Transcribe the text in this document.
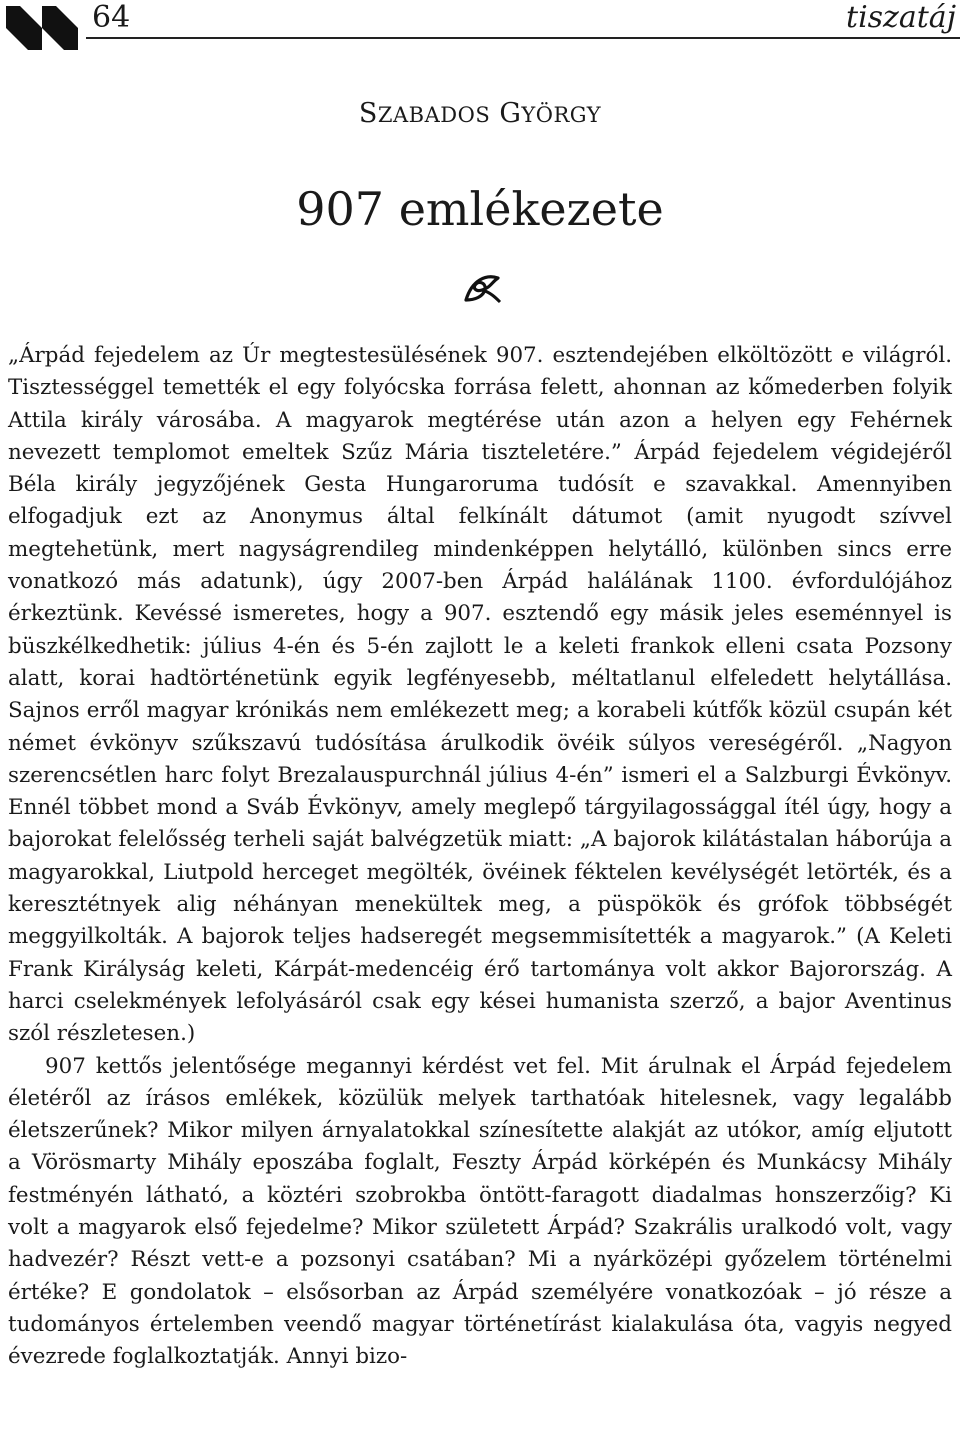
64	tiszatáj
SZABADOS GYÖRGY
907 emlékezete

„Árpád fejedelem az Úr megtestesülésének 907. esztendejében elköltözött e világról. Tisztességgel temették el egy folyócska forrása felett, ahonnan az kőmederben folyik Attila király városába. A magyarok megtérése után azon a helyen egy Fehérnek nevezett templomot emeltek Szűz Mária tiszteletére.” Árpád fejedelem végidejéről Béla király jegyzőjének Gesta Hungaroruma tudósít e szavakkal. Amennyiben elfogadjuk ezt az Anonymus által felkínált dátumot (amit nyugodt szívvel megtehetünk, mert nagyságrendileg mindenképpen helytálló, különben sincs erre vonatkozó más adatunk), úgy 2007-ben Árpád halálának 1100. évfordulójához érkeztünk. Kevéssé ismeretes, hogy a 907. esztendő egy másik jeles eseménnyel is büszkélkedhetik: július 4-én és 5-én zajlott le a keleti frankok elleni csata Pozsony alatt, korai hadtörténetünk egyik legfényesebb, méltatlanul elfeledett helytállása. Sajnos erről magyar krónikás nem emlékezett meg; a korabeli kútfők közül csupán két német évkönyv szűkszavú tudósítása árulkodik övéik súlyos vereségéről. „Nagyon szerencsétlen harc folyt Brezalauspurchnál július 4-én” ismeri el a Salzburgi Évkönyv. Ennél többet mond a Sváb Évkönyv, amely meglepő tárgyilagossággal ítél úgy, hogy a bajorokat felelősség terheli saját balvégzetük miatt: „A bajorok kilátástalan háborúja a magyarokkal, Liutpold herceget megölték, övéinek féktelen kevélységét letörték, és a keresztétnyek alig néhányan menekültek meg, a püspökök és grófok többségét meggyilkolták. A bajorok teljes hadseregét megsemmisítették a magyarok.” (A Keleti Frank Királyság keleti, Kárpát-medencéig érő tartománya volt akkor Bajorország. A harci cselekmények lefolyásáról csak egy kései humanista szerző, a bajor Aventinus szól részletesen.)

907 kettős jelentősége megannyi kérdést vet fel. Mit árulnak el Árpád fejedelem életéről az írásos emlékek, közülük melyek tarthatóak hitelesnek, vagy legalább életszerűnek? Mikor milyen árnyalatokkal színesítette alakját az utókor, amíg eljutott a Vörösmarty Mihály eposzába foglalt, Feszty Árpád körképén és Munkácsy Mihály festményén látható, a köztéri szobrokba öntött-faragott diadalmas honszerzőig? Ki volt a magyarok első fejedelme? Mikor született Árpád? Szakrális uralkodó volt, vagy hadvezér? Részt vett-e a pozsonyi csatában? Mi a nyárközépi győzelem történelmi értéke? E gondolatok – elsősorban az Árpád személyére vonatkozóak – jó része a tudományos értelemben veendő magyar történetírást kialakulása óta, vagyis negyed évezrede foglalkoztatják. Annyi bizo-
